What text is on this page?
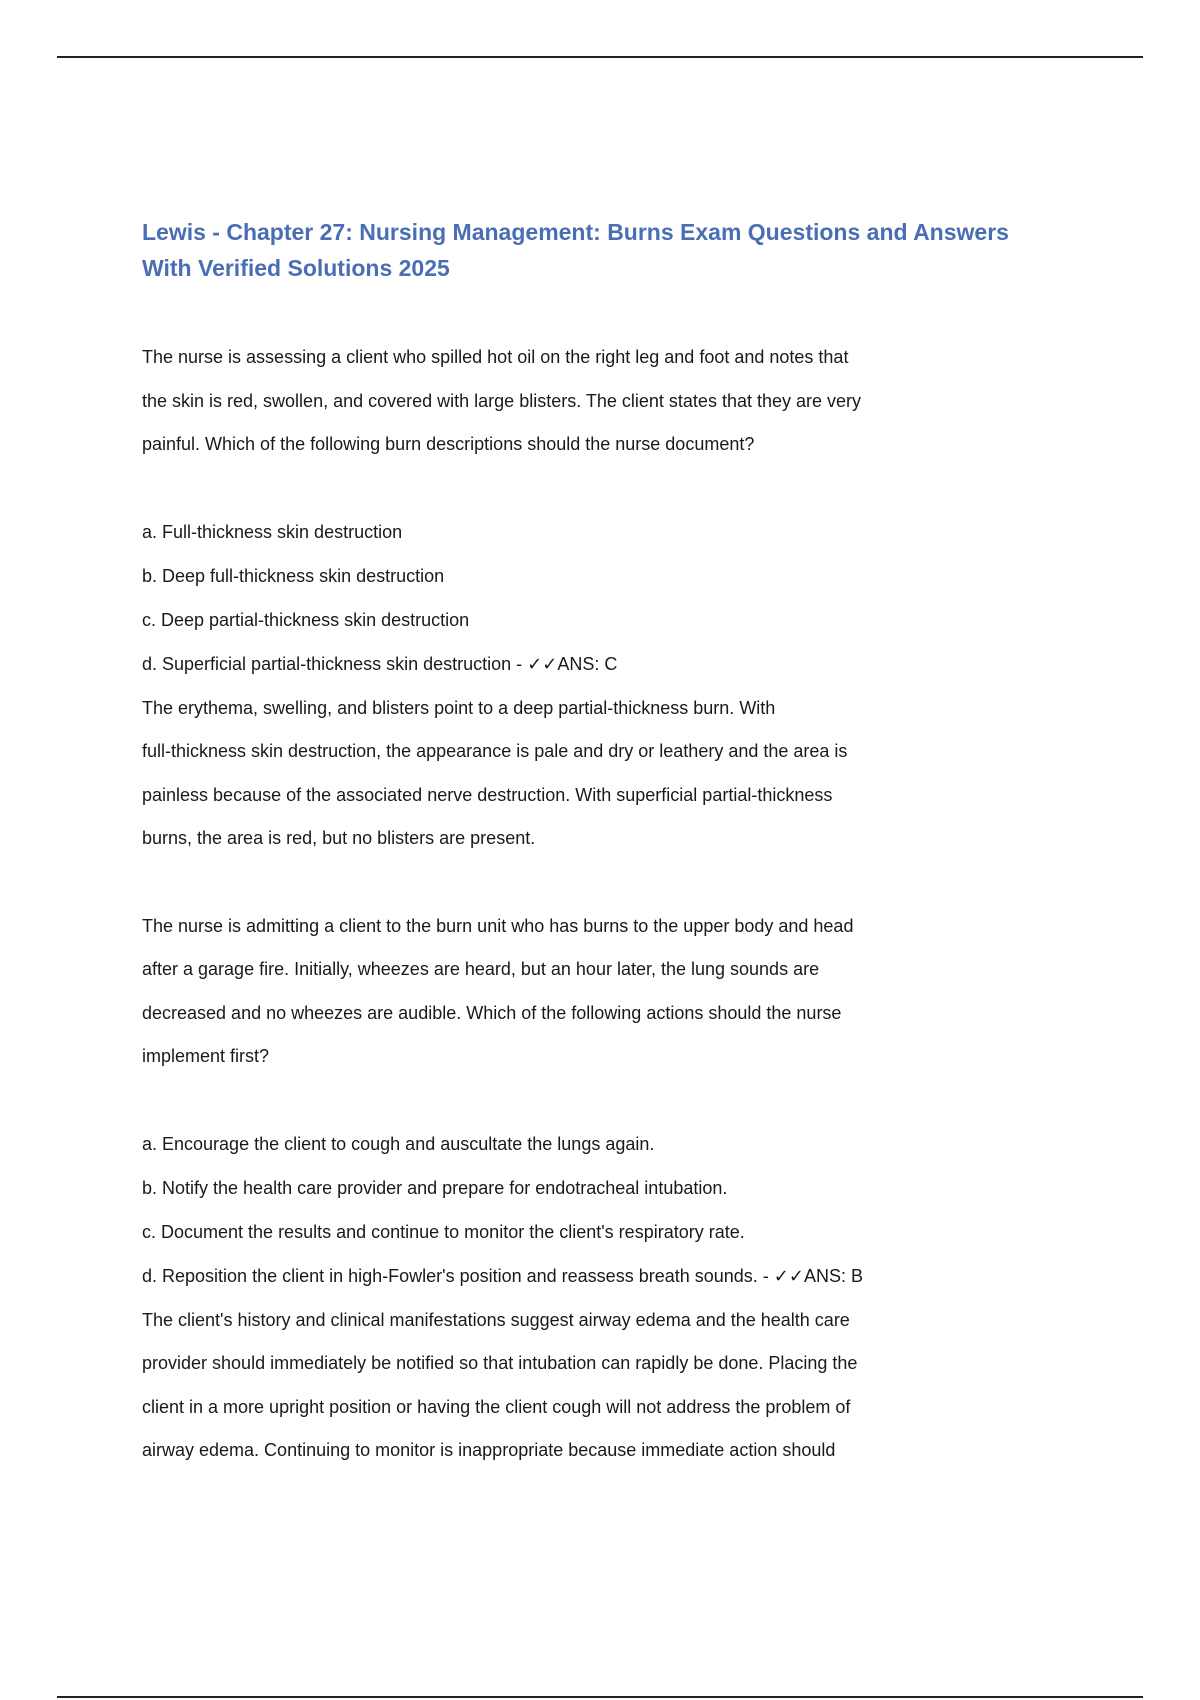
Lewis - Chapter 27: Nursing Management: Burns Exam Questions and Answers
With Verified Solutions 2025

The nurse is assessing a client who spilled hot oil on the right leg and foot and notes that

the skin is red, swollen, and covered with large blisters. The client states that they are very

painful. Which of the following burn descriptions should the nurse document?

a. Full-thickness skin destruction
b. Deep full-thickness skin destruction
c. Deep partial-thickness skin destruction
d. Superficial partial-thickness skin destruction - ✓✓ANS: C

The erythema, swelling, and blisters point to a deep partial-thickness burn. With

full-thickness skin destruction, the appearance is pale and dry or leathery and the area is

painless because of the associated nerve destruction. With superficial partial-thickness

burns, the area is red, but no blisters are present.

The nurse is admitting a client to the burn unit who has burns to the upper body and head

after a garage fire. Initially, wheezes are heard, but an hour later, the lung sounds are

decreased and no wheezes are audible. Which of the following actions should the nurse

implement first?

a. Encourage the client to cough and auscultate the lungs again.
b. Notify the health care provider and prepare for endotracheal intubation.
c. Document the results and continue to monitor the client's respiratory rate.
d. Reposition the client in high-Fowler's position and reassess breath sounds. - ✓✓ANS: B

The client's history and clinical manifestations suggest airway edema and the health care

provider should immediately be notified so that intubation can rapidly be done. Placing the

client in a more upright position or having the client cough will not address the problem of

airway edema. Continuing to monitor is inappropriate because immediate action should
